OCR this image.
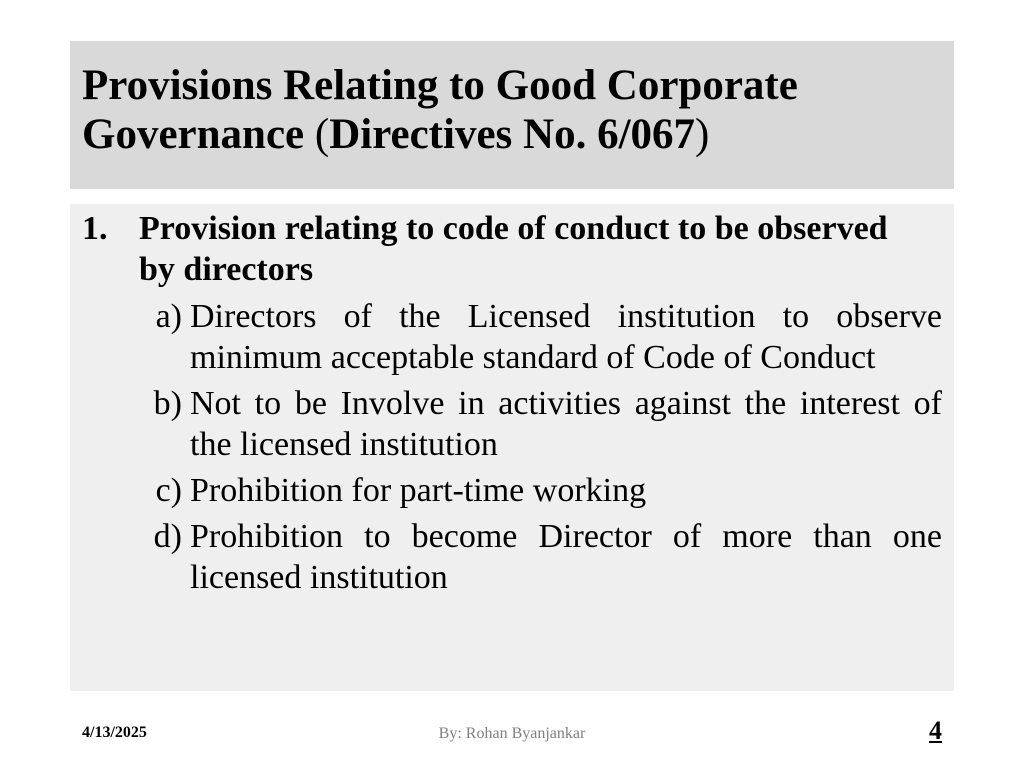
Provisions Relating to Good Corporate Governance (Directives No. 6/067)
1. Provision relating to code of conduct to be observed by directors
a) Directors of the Licensed institution to observe minimum acceptable standard of Code of Conduct
b) Not to be Involve in activities against the interest of the licensed institution
c) Prohibition for part-time working
d) Prohibition to become Director of more than one licensed institution
4/13/2025	By: Rohan Byanjankar	4
